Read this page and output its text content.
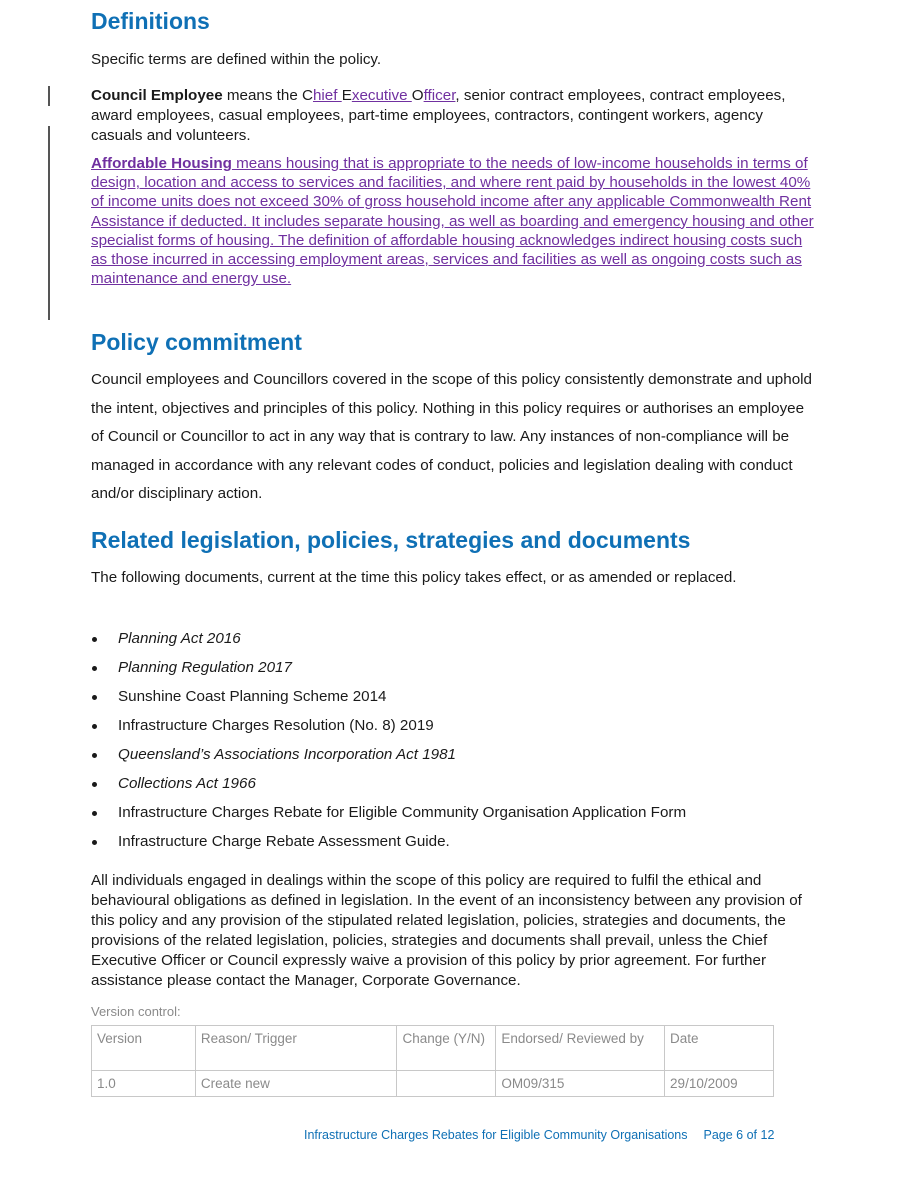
Definitions

Specific terms are defined within the policy.

Council Employee means the Chief Executive Officer, senior contract employees, contract employees, award employees, casual employees, part-time employees, contractors, contingent workers, agency casuals and volunteers.

Affordable Housing means housing that is appropriate to the needs of low-income households in terms of design, location and access to services and facilities, and where rent paid by households in the lowest 40% of income units does not exceed 30% of gross household income after any applicable Commonwealth Rent Assistance if deducted. It includes separate housing, as well as boarding and emergency housing and other specialist forms of housing. The definition of affordable housing acknowledges indirect housing costs such as those incurred in accessing employment areas, services and facilities as well as ongoing costs such as maintenance and energy use.

Policy commitment

Council employees and Councillors covered in the scope of this policy consistently demonstrate and uphold the intent, objectives and principles of this policy. Nothing in this policy requires or authorises an employee of Council or Councillor to act in any way that is contrary to law. Any instances of non-compliance will be managed in accordance with any relevant codes of conduct, policies and legislation dealing with conduct and/or disciplinary action.

Related legislation, policies, strategies and documents

The following documents, current at the time this policy takes effect, or as amended or replaced.

Planning Act 2016
Planning Regulation 2017
Sunshine Coast Planning Scheme 2014
Infrastructure Charges Resolution (No. 8) 2019
Queensland’s Associations Incorporation Act 1981
Collections Act 1966
Infrastructure Charges Rebate for Eligible Community Organisation Application Form
Infrastructure Charge Rebate Assessment Guide.

All individuals engaged in dealings within the scope of this policy are required to fulfil the ethical and behavioural obligations as defined in legislation. In the event of an inconsistency between any provision of this policy and any provision of the stipulated related legislation, policies, strategies and documents, the provisions of the related legislation, policies, strategies and documents shall prevail, unless the Chief Executive Officer or Council expressly waive a provision of this policy by prior agreement. For further assistance please contact the Manager, Corporate Governance.

Version control:
Version	Reason/ Trigger	Change (Y/N)	Endorsed/ Reviewed by	Date
1.0	Create new		OM09/315	29/10/2009
Infrastructure Charges Rebates for Eligible Community Organisations Page 6 of 12
